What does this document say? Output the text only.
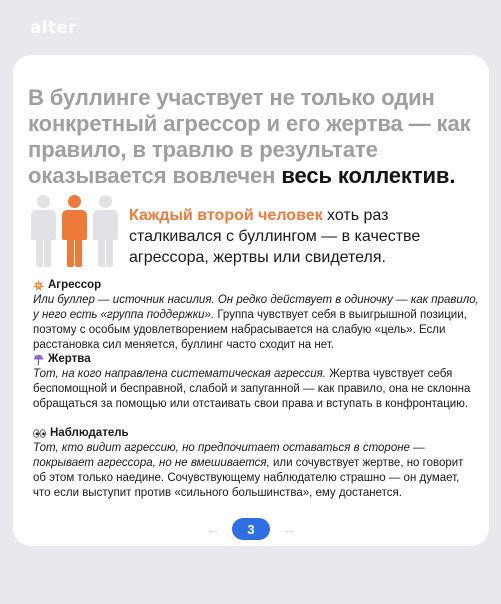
alter
В буллинге участвует не только один конкретный агрессор и его жертва — как правило, в травлю в результате оказывается вовлечен весь коллектив.
Каждый второй человек хоть раз сталкивался с буллингом — в качестве агрессора, жертвы или свидетеля.
Агрессор
Или буллер — источник насилия. Он редко действует в одиночку — как правило, у него есть «группа поддержки». Группа чувствует себя в выигрышной позиции, поэтому с особым удовлетворением набрасывается на слабую «цель». Если расстановка сил меняется, буллинг часто сходит на нет.
Жертва
Тот, на кого направлена систематическая агрессия. Жертва чувствует себя беспомощной и бесправной, слабой и запуганной — как правило, она не склонна обращаться за помощью или отстаивать свои права и вступать в конфронтацию.
Наблюдатель
Тот, кто видит агрессию, но предпочитает оставаться в стороне — покрывает агрессора, но не вмешивается, или сочувствует жертве, но говорит об этом только наедине. Сочувствующему наблюдателю страшно — он думает, что если выступит против «сильного большинства», ему достанется.
←	3	→
